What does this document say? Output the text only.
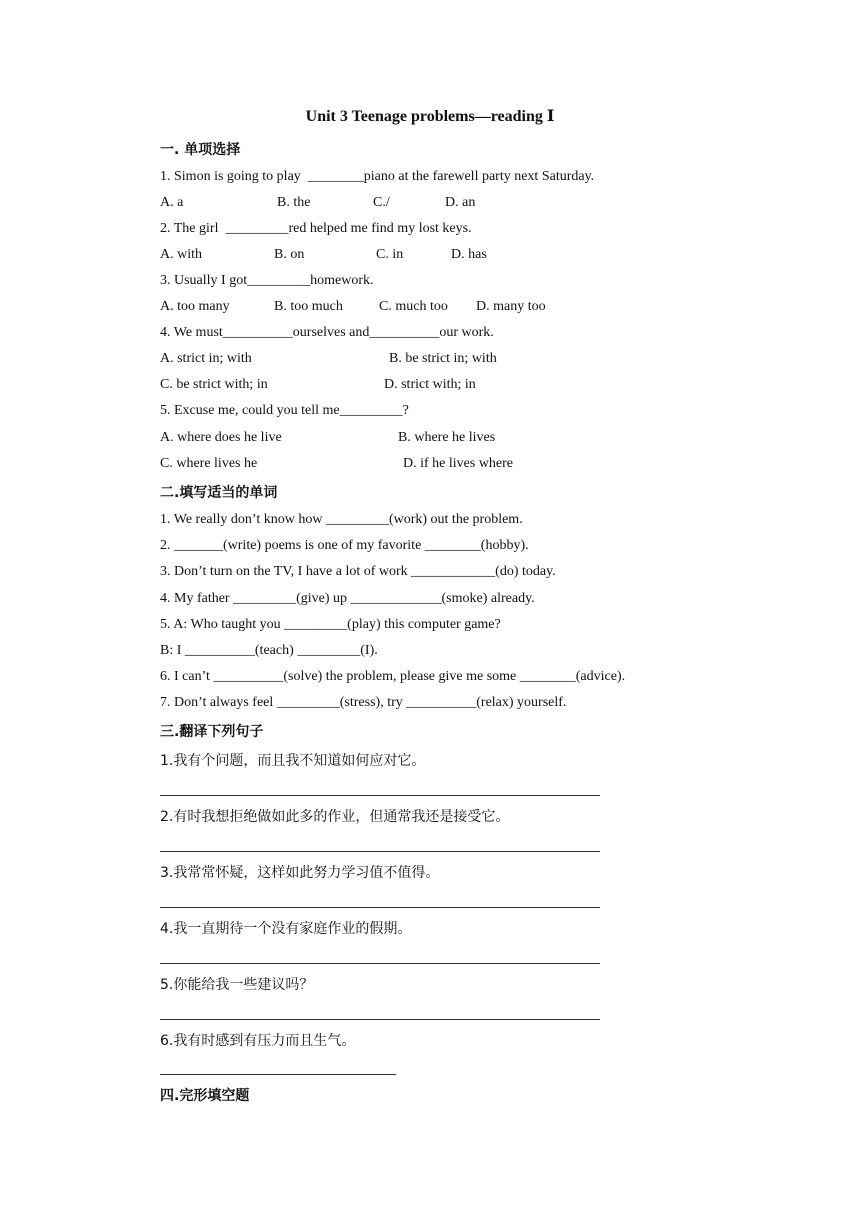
Unit 3 Teenage problems—reading Ⅰ
一. 单项选择
1. Simon is going to play  ________piano at the farewell party next Saturday.
A. a	B. the	C./	D. an
2. The girl  _________red helped me find my lost keys.
A. with	B. on	C. in	D. has
3. Usually I got_________homework.
A. too many	B. too much	C. much too D. many too
4. We must__________ourselves and__________our work.
A. strict in; with	B. be strict in; with
C. be strict with; in	D. strict with; in
5. Excuse me, could you tell me_________?
A. where does he live	B. where he lives
C. where lives he	D. if he lives where
二.填写适当的单词
1. We really don’t know how _________(work) out the problem.
2. _______(write) poems is one of my favorite ________(hobby).
3. Don’t turn on the TV, I have a lot of work ____________(do) today.
4. My father _________(give) up _____________(smoke) already.
5. A: Who taught you _________(play) this computer game?
B: I __________(teach) _________(I).
6. I can’t __________(solve) the problem, please give me some ________(advice).
7. Don’t always feel _________(stress), try __________(relax) yourself.
三.翻译下列句子
1.我有个问题，而且我不知道如何应对它。
2.有时我想拒绝做如此多的作业，但通常我还是接受它。
3.我常常怀疑，这样如此努力学习值不值得。
4.我一直期待一个没有家庭作业的假期。
5.你能给我一些建议吗？
6.我有时感到有压力而且生气。
四.完形填空题
